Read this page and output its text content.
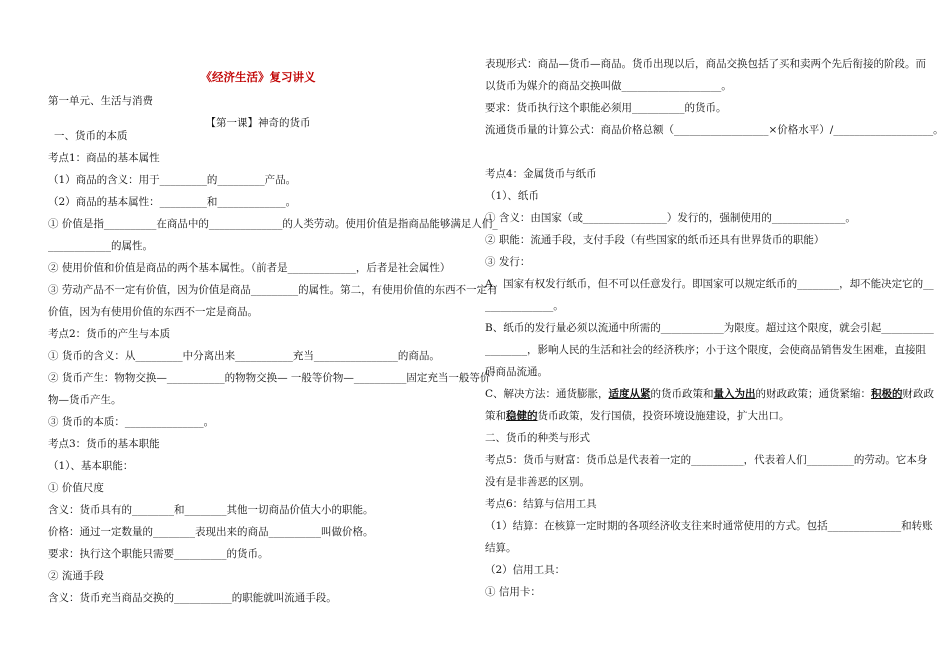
《经济生活》复习讲义
第一单元、生活与消费
【第一课】神奇的货币
一、货币的本质
考点1：商品的基本属性
（1）商品的含义：用于_________的_________产品。
（2）商品的基本属性：_________和_____________。
① 价值是指__________在商品中的______________的人类劳动。使用价值是指商品能够满足人们_
____________的属性。
② 使用价值和价值是商品的两个基本属性。（前者是_____________，后者是社会属性）
③ 劳动产品不一定有价值，因为价值是商品_________的属性。第二，有使用价值的东西不一定有
价值，因为有使用价值的东西不一定是商品。
考点2：货币的产生与本质
① 货币的含义：从_________中分离出来___________充当________________的商品。
② 货币产生：物物交换—___________的物物交换— 一般等价物—__________固定充当一般等价
物—货币产生。
③ 货币的本质：_______________。
考点3：货币的基本职能
（1）、基本职能：
① 价值尺度
含义：货币具有的________和________其他一切商品价值大小的职能。
价格：通过一定数量的________表现出来的商品__________叫做价格。
要求：执行这个职能只需要__________的货币。
② 流通手段
含义：货币充当商品交换的___________的职能就叫流通手段。
表现形式：商品—货币—商品。货币出现以后，商品交换包括了买和卖两个先后衔接的阶段。而
以货币为媒介的商品交换叫做___________________。
要求：货币执行这个职能必须用__________的货币。
流通货币量的计算公式：商品价格总额（__________________×价格水平）/___________________。
考点4：金属货币与纸币
（1）、纸币
① 含义：由国家（或________________）发行的，强制使用的______________。
② 职能：流通手段，支付手段（有些国家的纸币还具有世界货币的职能）
③ 发行：
A、国家有权发行纸币，但不可以任意发行。即国家可以规定纸币的________，却不能决定它的__
_____________。
B、纸币的发行量必须以流通中所需的____________为限度。超过这个限度，就会引起__________
________，影响人民的生活和社会的经济秩序；小于这个限度，会使商品销售发生困难，直接阻
碍商品流通。
C、解决方法：通货膨胀，适度从紧的货币政策和量入为出的财政政策；通货紧缩：积极的财政政
策和稳健的货币政策，发行国债，投资环境设施建设，扩大出口。
二、货币的种类与形式
考点5：货币与财富：货币总是代表着一定的__________，代表着人们_________的劳动。它本身
没有是非善恶的区别。
考点6：结算与信用工具
（1）结算：在核算一定时期的各项经济收支往来时通常使用的方式。包括______________和转账
结算。
（2）信用工具：
① 信用卡：
